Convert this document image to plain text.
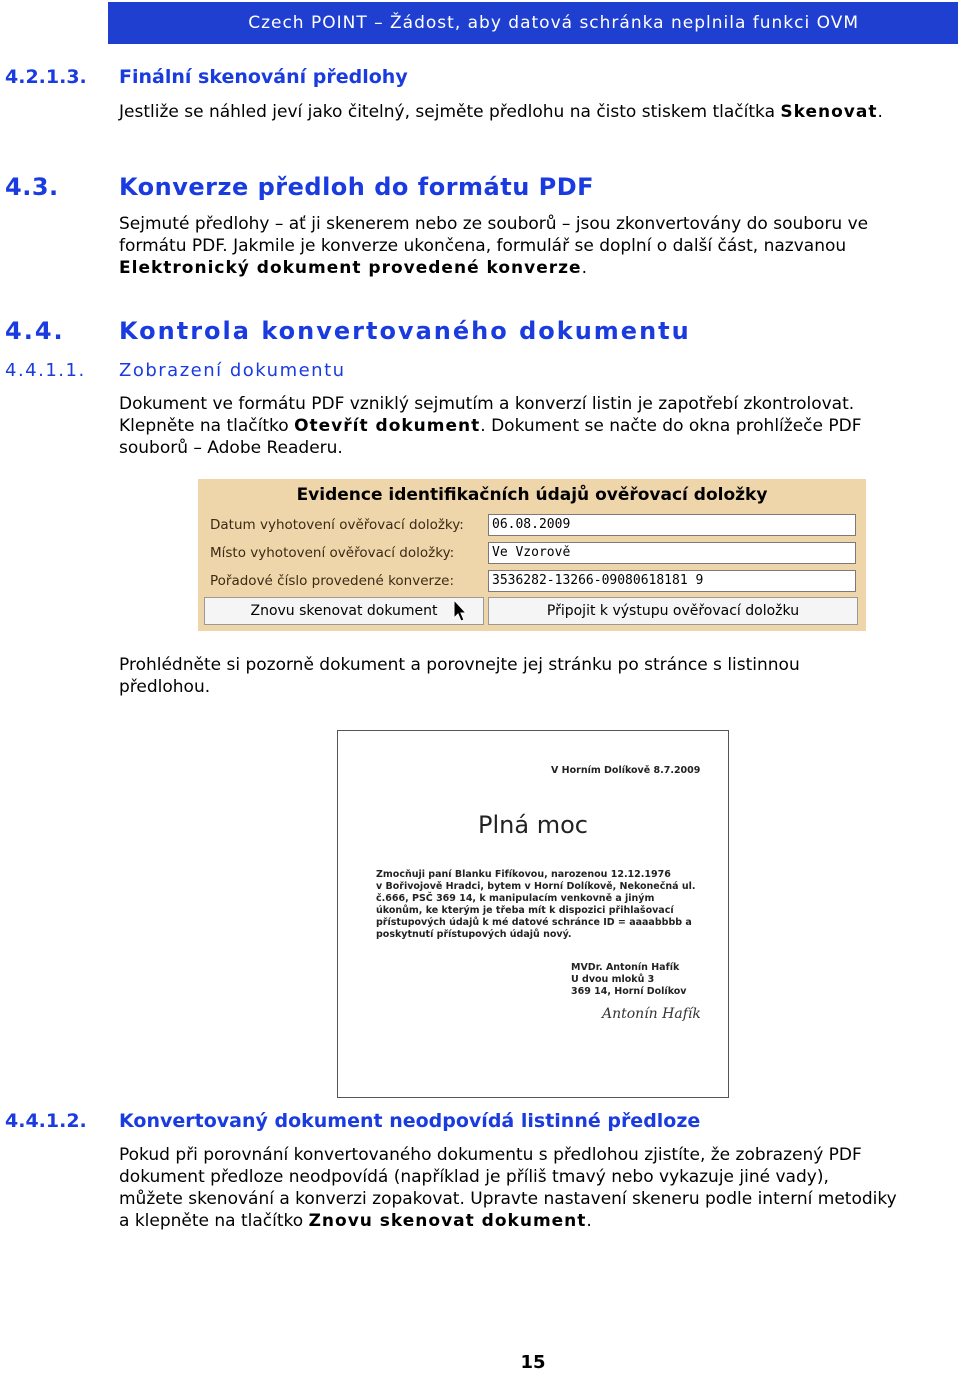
Czech POINT – Žádost, aby datová schránka neplnila funkci OVM
4.2.1.3. Finální skenování předlohy

Jestliže se náhled jeví jako čitelný, sejměte předlohu na čisto stiskem tlačítka Skenovat.

4.3.	Konverze předloh do formátu PDF

Sejmuté předlohy – ať ji skenerem nebo ze souborů – jsou zkonvertovány do souboru ve

formátu PDF. Jakmile je konverze ukončena, formulář se doplní o další část, nazvanou

Elektronický dokument provedené konverze.

4.4. Kontrola konvertovaného dokumentu
4.4.1.1. Zobrazení dokumentu

Dokument ve formátu PDF vzniklý sejmutím a konverzí listin je zapotřebí zkontrolovat.

Klepněte na tlačítko Otevřít dokument. Dokument se načte do okna prohlížeče PDF

souborů – Adobe Readeru.

Evidence identifikačních údajů ověřovací doložky
Datum vyhotovení ověřovací doložky:	06.08.2009
Místo vyhotovení ověřovací doložky:	Ve Vzorově
Pořadové číslo provedené konverze:	3536282-13266-09080618181 9
Znovu skenovat dokument	Připojit k výstupu ověřovací doložku

Prohlédněte si pozorně dokument a porovnejte jej stránku po stránce s listinnou

předlohou.

V Horním Dolíkově 8.7.2009
Plná moc
Zmocňuji paní Blanku Fifíkovou, narozenou 12.12.1976
v Bořivojově Hradci, bytem v Horní Dolíkově, Nekonečná ul.
č.666, PSČ 369 14, k manipulacím venkovně a jiným
úkonům, ke kterým je třeba mít k dispozici přihlašovací
přístupových údajů k mé datové schránce ID = aaaabbbb a
poskytnutí přístupových údajů nový.
MVDr. Antonín Hafík
U dvou mloků 3
369 14, Horní Dolíkov
Antonín Hafík
4.4.1.2. Konvertovaný dokument neodpovídá listinné předloze

Pokud při porovnání konvertovaného dokumentu s předlohou zjistíte, že zobrazený PDF

dokument předloze neodpovídá (například je příliš tmavý nebo vykazuje jiné vady),

můžete skenování a konverzi zopakovat. Upravte nastavení skeneru podle interní metodiky

a klepněte na tlačítko Znovu skenovat dokument.

15
